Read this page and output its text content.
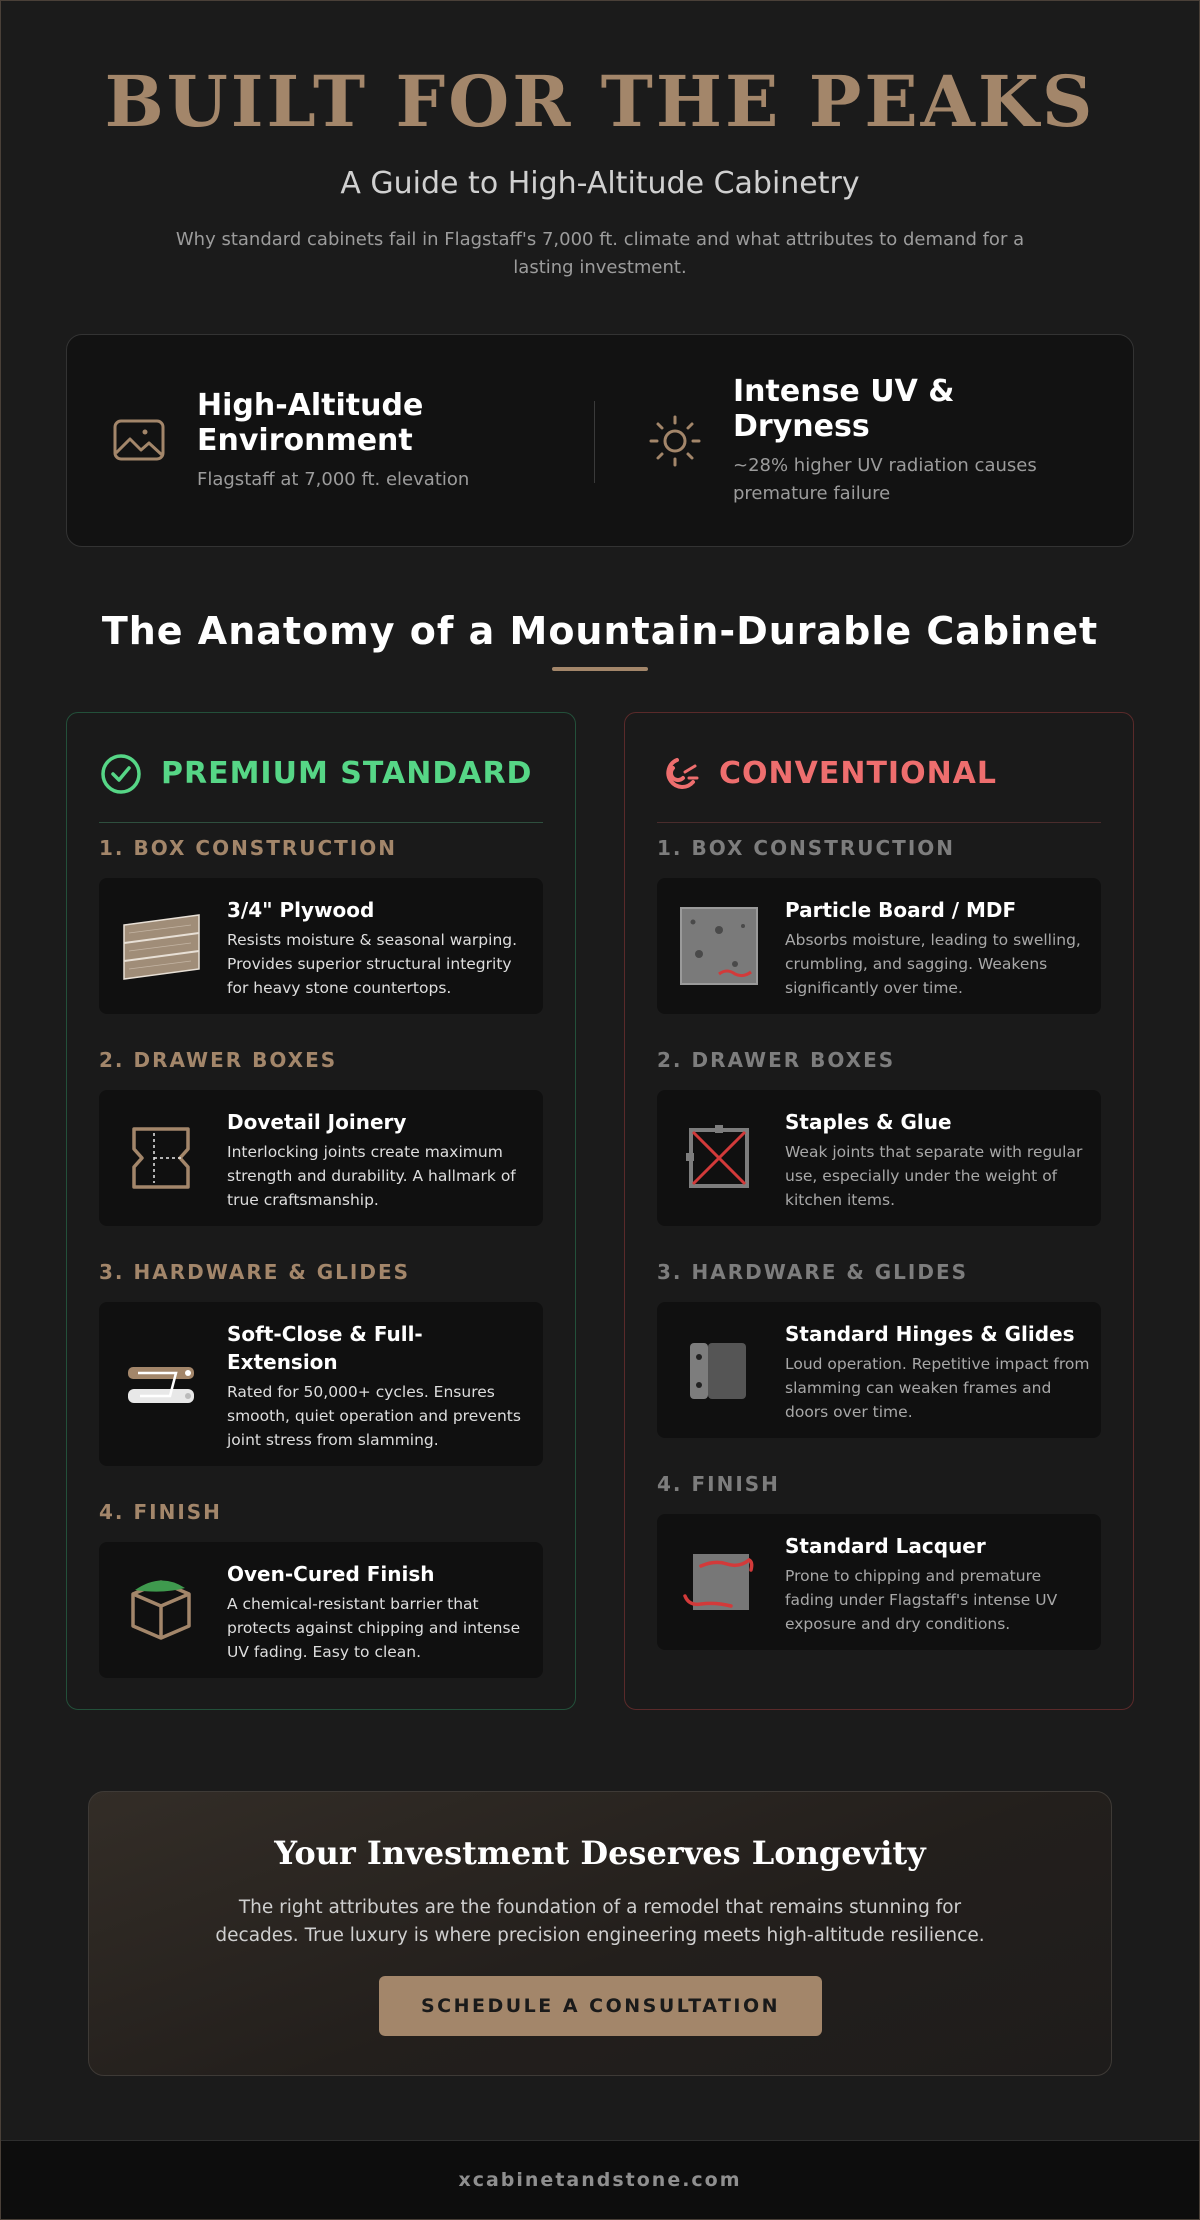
BUILT FOR THE PEAKS
A Guide to High-Altitude Cabinetry

Why standard cabinets fail in Flagstaff's 7,000 ft. climate and what attributes to demand for a lasting investment.

High-Altitude Environment
Flagstaff at 7,000 ft. elevation
Intense UV & Dryness
~28% higher UV radiation causes premature failure
The Anatomy of a Mountain-Durable Cabinet
PREMIUM STANDARD
1. BOX CONSTRUCTION
3/4" Plywood
Resists moisture & seasonal warping. Provides superior structural integrity for heavy stone countertops.
2. DRAWER BOXES
Dovetail Joinery
Interlocking joints create maximum strength and durability. A hallmark of true craftsmanship.
3. HARDWARE & GLIDES
Soft-Close & Full-Extension
Rated for 50,000+ cycles. Ensures smooth, quiet operation and prevents joint stress from slamming.
4. FINISH
Oven-Cured Finish
A chemical-resistant barrier that protects against chipping and intense UV fading. Easy to clean.
CONVENTIONAL
1. BOX CONSTRUCTION
Particle Board / MDF
Absorbs moisture, leading to swelling, crumbling, and sagging. Weakens significantly over time.
2. DRAWER BOXES
Staples & Glue
Weak joints that separate with regular use, especially under the weight of kitchen items.
3. HARDWARE & GLIDES
Standard Hinges & Glides
Loud operation. Repetitive impact from slamming can weaken frames and doors over time.
4. FINISH
Standard Lacquer
Prone to chipping and premature fading under Flagstaff's intense UV exposure and dry conditions.
Your Investment Deserves Longevity

The right attributes are the foundation of a remodel that remains stunning for decades. True luxury is where precision engineering meets high-altitude resilience.

SCHEDULE A CONSULTATION
xcabinetandstone.com
